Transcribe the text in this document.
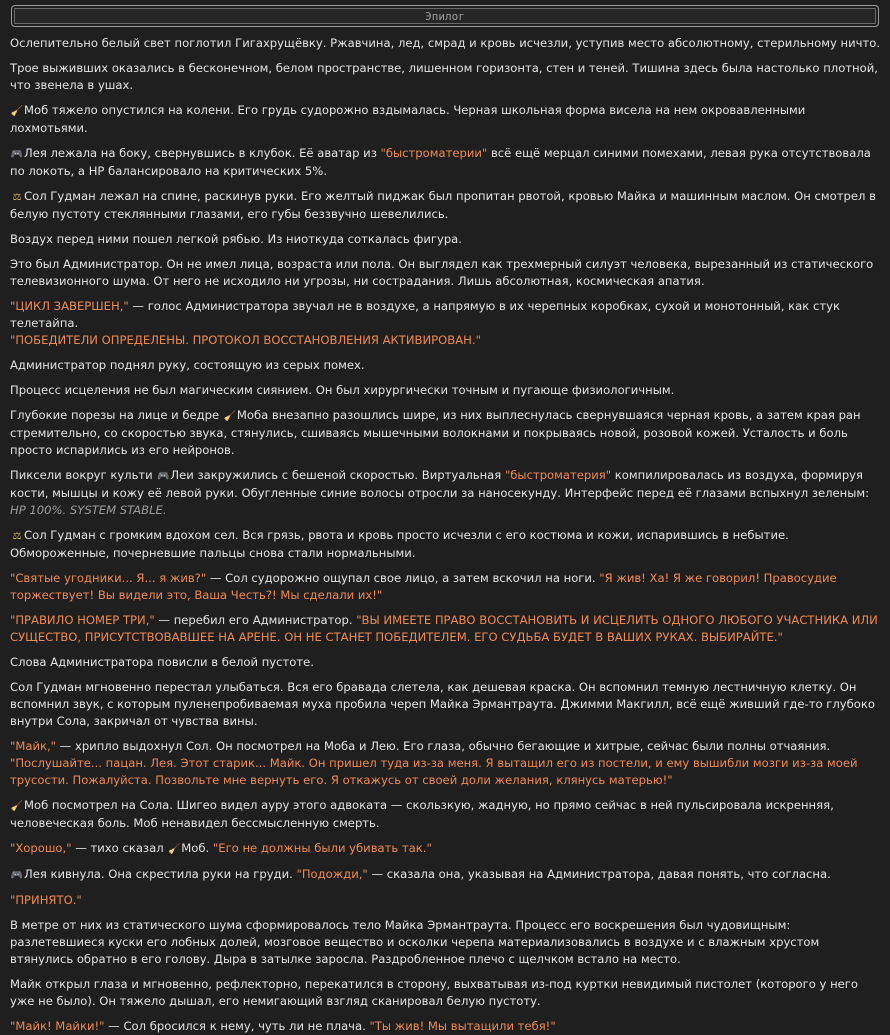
Эпилог

Ослепительно белый свет поглотил Гигахрущёвку. Ржавчина, лед, смрад и кровь исчезли, уступив место абсолютному, стерильному ничто.

Трое выживших оказались в бесконечном, белом пространстве, лишенном горизонта, стен и теней. Тишина здесь была настолько плотной, что звенела в ушах.

🧹Моб тяжело опустился на колени. Его грудь судорожно вздымалась. Черная школьная форма висела на нем окровавленными лохмотьями.

🎮Лея лежала на боку, свернувшись в клубок. Её аватар из "быстроматерии" всё ещё мерцал синими помехами, левая рука отсутствовала по локоть, а HP балансировало на критических 5%.

⚖ Сол Гудман лежал на спине, раскинув руки. Его желтый пиджак был пропитан рвотой, кровью Майка и машинным маслом. Он смотрел в белую пустоту стеклянными глазами, его губы беззвучно шевелились.

Воздух перед ними пошел легкой рябью. Из ниоткуда соткалась фигура.

Это был Администратор. Он не имел лица, возраста или пола. Он выглядел как трехмерный силуэт человека, вырезанный из статического телевизионного шума. От него не исходило ни угрозы, ни сострадания. Лишь абсолютная, космическая апатия.

"ЦИКЛ ЗАВЕРШЕН," — голос Администратора звучал не в воздухе, а напрямую в их черепных коробках, сухой и монотонный, как стук телетайпа.
"ПОБЕДИТЕЛИ ОПРЕДЕЛЕНЫ. ПРОТОКОЛ ВОССТАНОВЛЕНИЯ АКТИВИРОВАН."

Администратор поднял руку, состоящую из серых помех.

Процесс исцеления не был магическим сиянием. Он был хирургически точным и пугающе физиологичным.

Глубокие порезы на лице и бедре 🧹Моба внезапно разошлись шире, из них выплеснулась свернувшаяся черная кровь, а затем края ран стремительно, со скоростью звука, стянулись, сшиваясь мышечными волокнами и покрываясь новой, розовой кожей. Усталость и боль просто испарились из его нейронов.

Пиксели вокруг культи 🎮Леи закружились с бешеной скоростью. Виртуальная "быстроматерия" компилировалась из воздуха, формируя кости, мышцы и кожу её левой руки. Обугленные синие волосы отросли за наносекунду. Интерфейс перед её глазами вспыхнул зеленым: HP 100%. SYSTEM STABLE.

⚖ Сол Гудман с громким вдохом сел. Вся грязь, рвота и кровь просто исчезли с его костюма и кожи, испарившись в небытие. Обмороженные, почерневшие пальцы снова стали нормальными.

"Святые угодники... Я... я жив?" — Сол судорожно ощупал свое лицо, а затем вскочил на ноги. "Я жив! Ха! Я же говорил! Правосудие торжествует! Вы видели это, Ваша Честь?! Мы сделали их!"

"ПРАВИЛО НОМЕР ТРИ," — перебил его Администратор. "ВЫ ИМЕЕТЕ ПРАВО ВОССТАНОВИТЬ И ИСЦЕЛИТЬ ОДНОГО ЛЮБОГО УЧАСТНИКА ИЛИ СУЩЕСТВО, ПРИСУТСТВОВАВШЕЕ НА АРЕНЕ. ОН НЕ СТАНЕТ ПОБЕДИТЕЛЕМ. ЕГО СУДЬБА БУДЕТ В ВАШИХ РУКАХ. ВЫБИРАЙТЕ."

Слова Администратора повисли в белой пустоте.

Сол Гудман мгновенно перестал улыбаться. Вся его бравада слетела, как дешевая краска. Он вспомнил темную лестничную клетку. Он вспомнил звук, с которым пуленепробиваемая муха пробила череп Майка Эрмантраута. Джимми Макгилл, всё ещё живший где-то глубоко внутри Сола, закричал от чувства вины.

"Майк," — хрипло выдохнул Сол. Он посмотрел на Моба и Лею. Его глаза, обычно бегающие и хитрые, сейчас были полны отчаяния. "Послушайте... пацан. Лея. Этот старик... Майк. Он пришел туда из-за меня. Я вытащил его из постели, и ему вышибли мозги из-за моей трусости. Пожалуйста. Позвольте мне вернуть его. Я откажусь от своей доли желания, клянусь матерью!"

🧹Моб посмотрел на Сола. Шигео видел ауру этого адвоката — скользкую, жадную, но прямо сейчас в ней пульсировала искренняя, человеческая боль. Моб ненавидел бессмысленную смерть.

"Хорошо," — тихо сказал 🧹Моб. "Его не должны были убивать так."

🎮Лея кивнула. Она скрестила руки на груди. "Подожди," — сказала она, указывая на Администратора, давая понять, что согласна.

"ПРИНЯТО."

В метре от них из статического шума сформировалось тело Майка Эрмантраута. Процесс его воскрешения был чудовищным: разлетевшиеся куски его лобных долей, мозговое вещество и осколки черепа материализовались в воздухе и с влажным хрустом втянулись обратно в его голову. Дыра в затылке заросла. Раздробленное плечо с щелчком встало на место.

Майк открыл глаза и мгновенно, рефлекторно, перекатился в сторону, выхватывая из-под куртки невидимый пистолет (которого у него уже не было). Он тяжело дышал, его немигающий взгляд сканировал белую пустоту.

"Майк! Майки!" — Сол бросился к нему, чуть ли не плача. "Ты жив! Мы вытащили тебя!"
